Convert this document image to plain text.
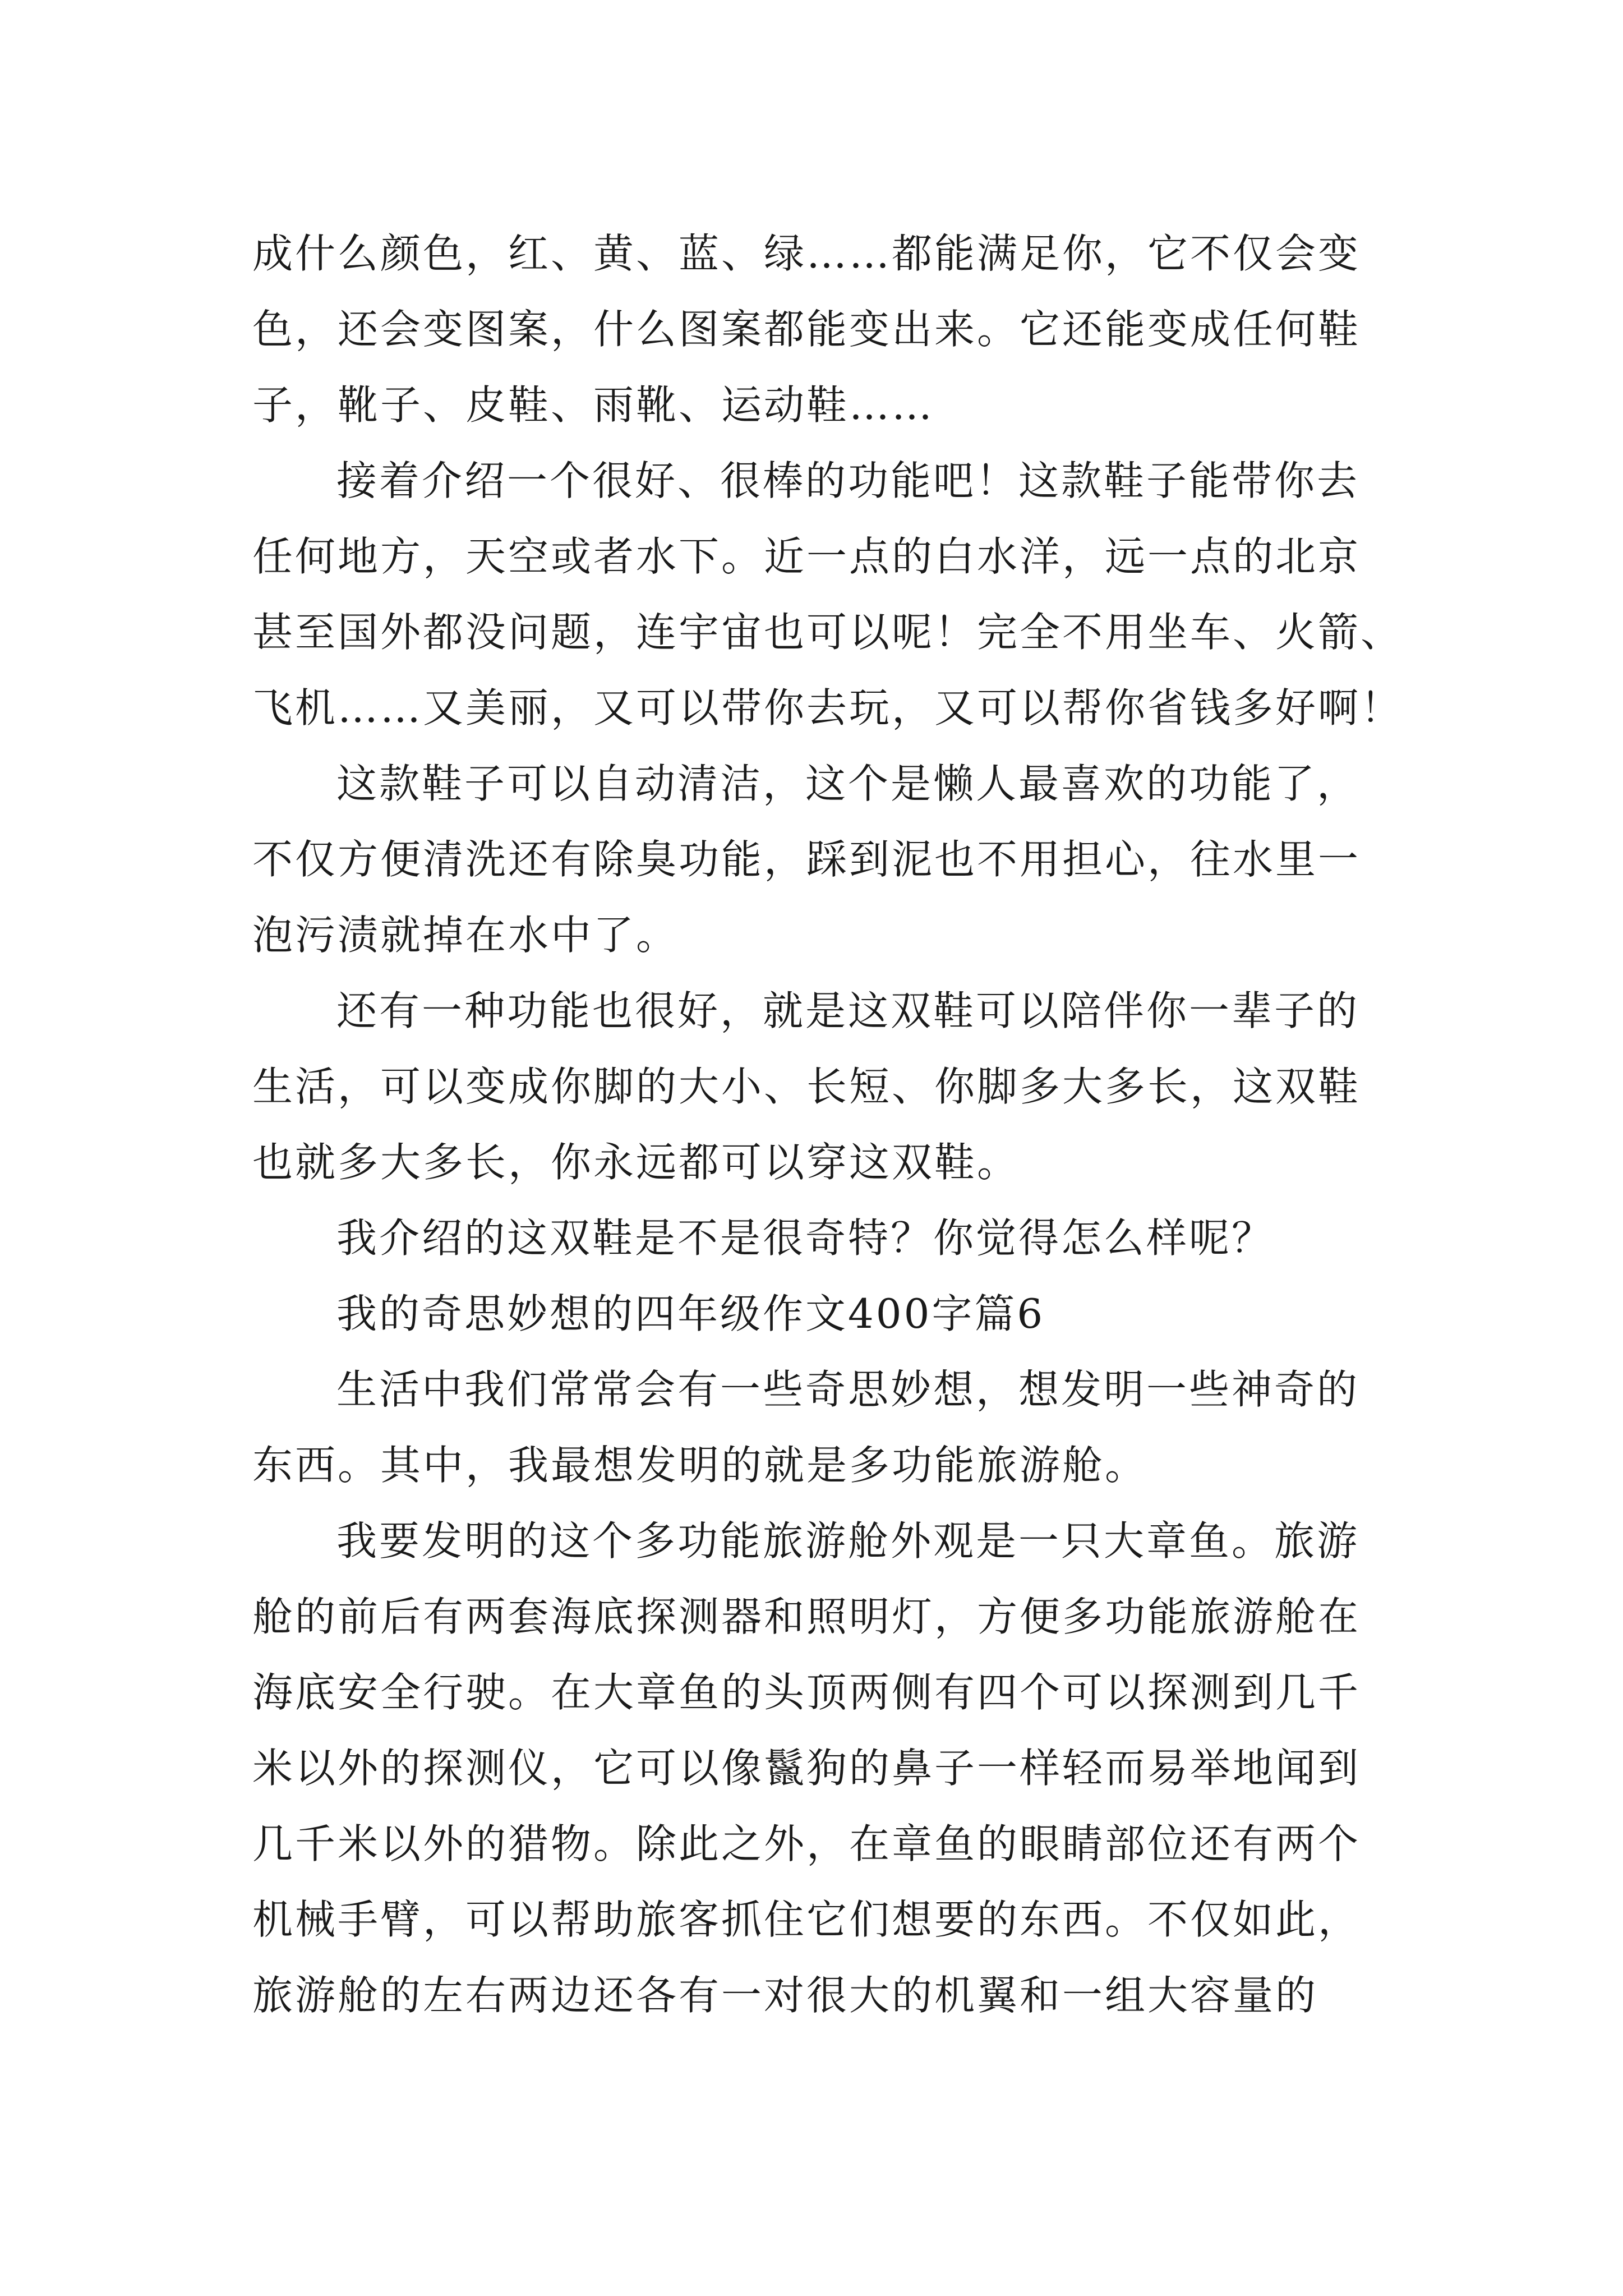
成什么颜色，红、黄、蓝、绿……都能满足你，它不仅会变
色，还会变图案，什么图案都能变出来。它还能变成任何鞋
子，靴子、皮鞋、雨靴、运动鞋……

接着介绍一个很好、很棒的功能吧！这款鞋子能带你去
任何地方，天空或者水下。近一点的白水洋，远一点的北京
甚至国外都没问题，连宇宙也可以呢！完全不用坐车、火箭、
飞机……又美丽，又可以带你去玩，又可以帮你省钱多好啊！

这款鞋子可以自动清洁，这个是懒人最喜欢的功能了，
不仅方便清洗还有除臭功能，踩到泥也不用担心，往水里一
泡污渍就掉在水中了。

还有一种功能也很好，就是这双鞋可以陪伴你一辈子的
生活，可以变成你脚的大小、长短、你脚多大多长，这双鞋
也就多大多长，你永远都可以穿这双鞋。

我介绍的这双鞋是不是很奇特？你觉得怎么样呢？

我的奇思妙想的四年级作文400字篇6

生活中我们常常会有一些奇思妙想，想发明一些神奇的
东西。其中，我最想发明的就是多功能旅游舱。

我要发明的这个多功能旅游舱外观是一只大章鱼。旅游
舱的前后有两套海底探测器和照明灯，方便多功能旅游舱在
海底安全行驶。在大章鱼的头顶两侧有四个可以探测到几千
米以外的探测仪，它可以像鬣狗的鼻子一样轻而易举地闻到
几千米以外的猎物。除此之外，在章鱼的眼睛部位还有两个
机械手臂，可以帮助旅客抓住它们想要的东西。不仅如此，
旅游舱的左右两边还各有一对很大的机翼和一组大容量的
